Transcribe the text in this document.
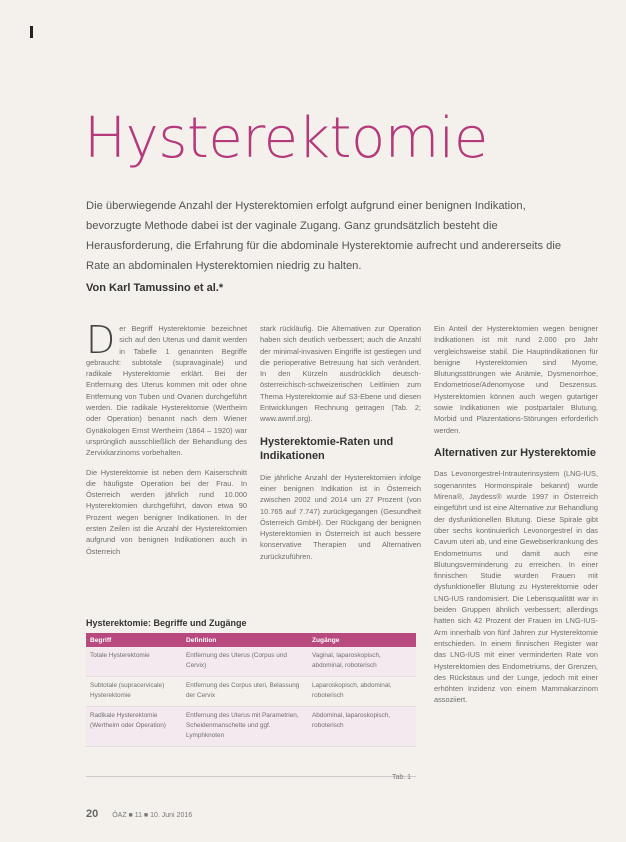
Hysterektomie

Die überwiegende Anzahl der Hysterektomien erfolgt aufgrund einer benignen Indikation, bevorzugte Methode dabei ist der vaginale Zugang. Ganz grundsätzlich besteht die Herausforderung, die Erfahrung für die abdominale Hysterektomie aufrecht und andererseits die Rate an abdominalen Hysterektomien niedrig zu halten.

Von Karl Tamussino et al.*

Der Begriff Hysterektomie bezeichnet sich auf den Uterus und damit werden in Tabelle 1 genannten Begriffe gebraucht: subtotale (supravaginale) und radikale Hysterektomie erklärt. Bei der Entfernung des Uterus kommen mit oder ohne Entfernung von Tuben und Ovarien durchgeführt werden. Die radikale Hysterektomie (Wertheim oder Operation) benannt nach dem Wiener Gynäkologen Ernst Wertheim (1864 – 1920) war ursprünglich ausschließlich der Behandlung des Zervixkarzinoms vorbehalten.

Die Hysterektomie ist neben dem Kaiserschnitt die häufigste Operation bei der Frau. In Österreich werden jährlich rund 10.000 Hysterektomien durchgeführt, davon etwa 90 Prozent wegen benigner Indikationen. In der ersten Zeilen ist die Anzahl der Hysterektomien aufgrund von benignen Indikationen auch in Österreich

stark rückläufig. Die Alternativen zur Operation haben sich deutlich verbessert; auch die Anzahl der minimal-invasiven Eingriffe ist gestiegen und die perioperative Betreuung hat sich verändert. In den Kürzeln ausdrücklich deutsch-österreichisch-schweizerischen Leitlinien zum Thema Hysterektomie auf S3-Ebene und diesen Entwicklungen Rechnung getragen (Tab. 2; www.awmf.org).

Hysterektomie-Raten und Indikationen

Die jährliche Anzahl der Hysterektomien infolge einer benignen Indikation ist in Österreich zwischen 2002 und 2014 um 27 Prozent (von 10.765 auf 7.747) zurückgegangen (Gesundheit Österreich GmbH). Der Rückgang der benignen Hysterektomien in Österreich ist auch bessere konservative Therapien und Alternativen zurückzuführen.

Ein Anteil der Hysterektomien wegen benigner Indikationen ist mit rund 2.000 pro Jahr vergleichsweise stabil. Die Hauptindikationen für benigne Hysterektomien sind Myome, Blutungsstörungen wie Anämie, Dysmenorrhoe, Endometriose/Adenomyose und Deszensus. Hysterektomien können auch wegen gutartiger sowie Indikationen wie postpartaler Blutung, Morbid und Plazentations-Störungen erforderlich werden.

Alternativen zur Hysterektomie

Das Levonorgestrel-Intrauterinsystem (LNG-IUS, sogenanntes Hormonspirale bekannt) wurde Mirena®, Jaydess® wurde 1997 in Österreich eingeführt und ist eine Alternative zur Behandlung der dysfunktionellen Blutung. Diese Spirale gibt über sechs kontinuierlich Levonorgestrel in das Cavum uteri ab, und eine Gewebserkrankung des Endometriums und damit auch eine Blutungsverminderung zu erreichen. In einer finnischen Studie wurden Frauen mit dysfunktioneller Blutung zu Hysterektomie oder LNG-IUS randomisiert. Die Lebensqualität war in beiden Gruppen ähnlich verbessert; allerdings hatten sich 42 Prozent der Frauen im LNG-IUS-Arm innerhalb von fünf Jahren zur Hysterektomie entschieden. In einem finnischen Register war das LNG-IUS mit einer verminderten Rate von Hysterektomien des Endometriums, der Grenzen, des Rückstaus und der Lunge, jedoch mit einer erhöhten Inzidenz von einem Mammakarzinom assoziiert.

Hysterektomie: Begriffe und Zugänge
Begriff	Definition	Zugänge
Totale Hysterektomie	Entfernung des Uterus (Corpus und Cervix)	Vaginal, laparoskopisch, abdominal, roboterisch
Subtotale (supracervicale) Hysterektomie	Entfernung des Corpus uteri, Belassung der Cervix	Laparoskopisch, abdominal, roboterisch
Radikale Hysterektomie (Wertheim oder Operation)	Entfernung des Uterus mit Parametrien, Scheidenmanschette und ggf. Lymphknoten	Abdominal, laparoskopisch, roboterisch
Tab. 1
20 ÖAZ ■ 11 ■ 10. Juni 2016
